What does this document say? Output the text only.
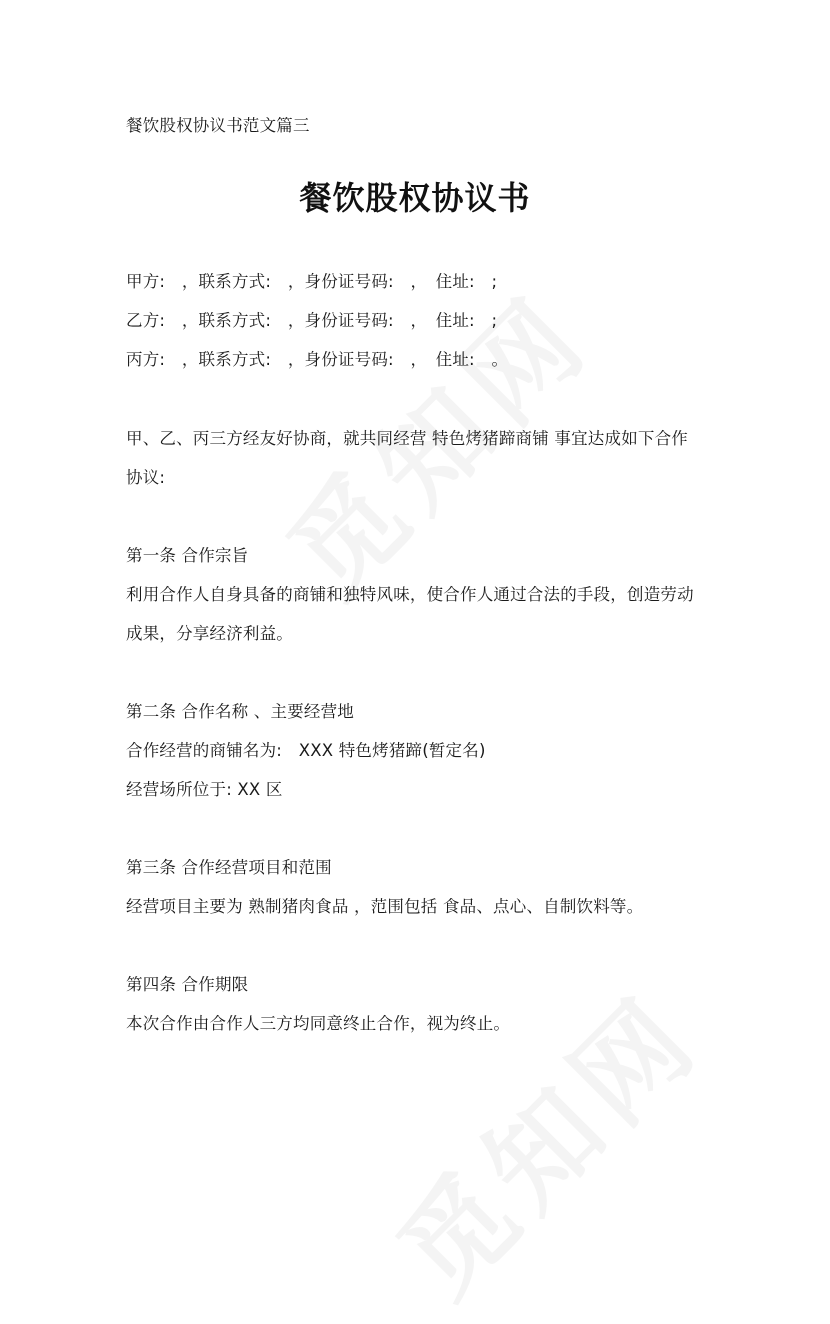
餐饮股权协议书范文篇三
餐饮股权协议书
甲方:　，联系方式:　，身份证号码:　，　住址:　;
乙方:　，联系方式:　，身份证号码:　，　住址:　;
丙方:　，联系方式:　，身份证号码:　，　住址:　。
甲、乙、丙三方经友好协商，就共同经营 特色烤猪蹄商铺 事宜达成如下合作
协议:
第一条 合作宗旨
利用合作人自身具备的商铺和独特风味，使合作人通过合法的手段，创造劳动
成果，分享经济利益。
第二条 合作名称 、主要经营地
合作经营的商铺名为:　XXX 特色烤猪蹄(暂定名)
经营场所位于: XX 区
第三条 合作经营项目和范围
经营项目主要为 熟制猪肉食品 ，范围包括 食品、点心、自制饮料等。
第四条 合作期限
本次合作由合作人三方均同意终止合作，视为终止。
